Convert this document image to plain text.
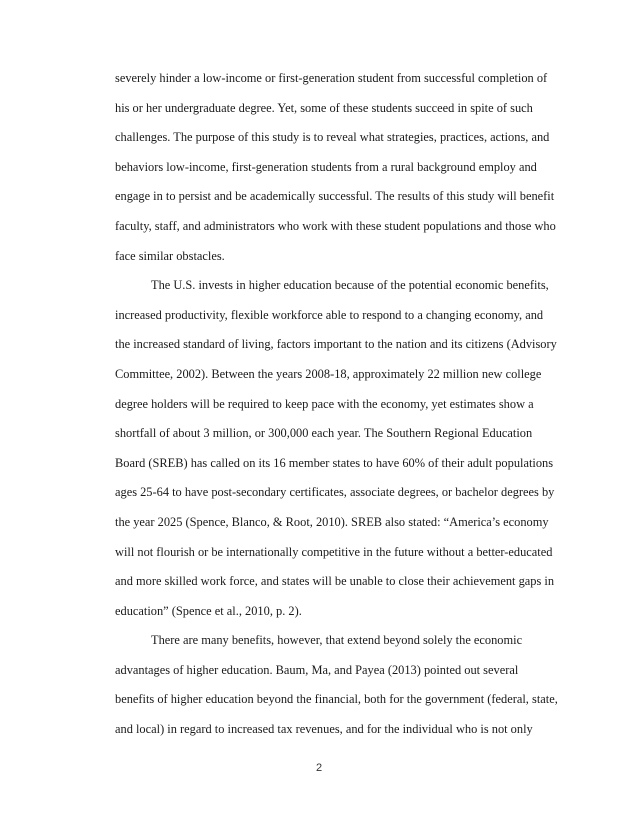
severely hinder a low-income or first-generation student from successful completion of
his or her undergraduate degree. Yet, some of these students succeed in spite of such
challenges. The purpose of this study is to reveal what strategies, practices, actions, and
behaviors low-income, first-generation students from a rural background employ and
engage in to persist and be academically successful. The results of this study will benefit
faculty, staff, and administrators who work with these student populations and those who
face similar obstacles.
The U.S. invests in higher education because of the potential economic benefits,
increased productivity, flexible workforce able to respond to a changing economy, and
the increased standard of living, factors important to the nation and its citizens (Advisory
Committee, 2002). Between the years 2008-18, approximately 22 million new college
degree holders will be required to keep pace with the economy, yet estimates show a
shortfall of about 3 million, or 300,000 each year. The Southern Regional Education
Board (SREB) has called on its 16 member states to have 60% of their adult populations
ages 25-64 to have post-secondary certificates, associate degrees, or bachelor degrees by
the year 2025 (Spence, Blanco, & Root, 2010). SREB also stated: “America’s economy
will not flourish or be internationally competitive in the future without a better-educated
and more skilled work force, and states will be unable to close their achievement gaps in
education” (Spence et al., 2010, p. 2).
There are many benefits, however, that extend beyond solely the economic
advantages of higher education. Baum, Ma, and Payea (2013) pointed out several
benefits of higher education beyond the financial, both for the government (federal, state,
and local) in regard to increased tax revenues, and for the individual who is not only
2
